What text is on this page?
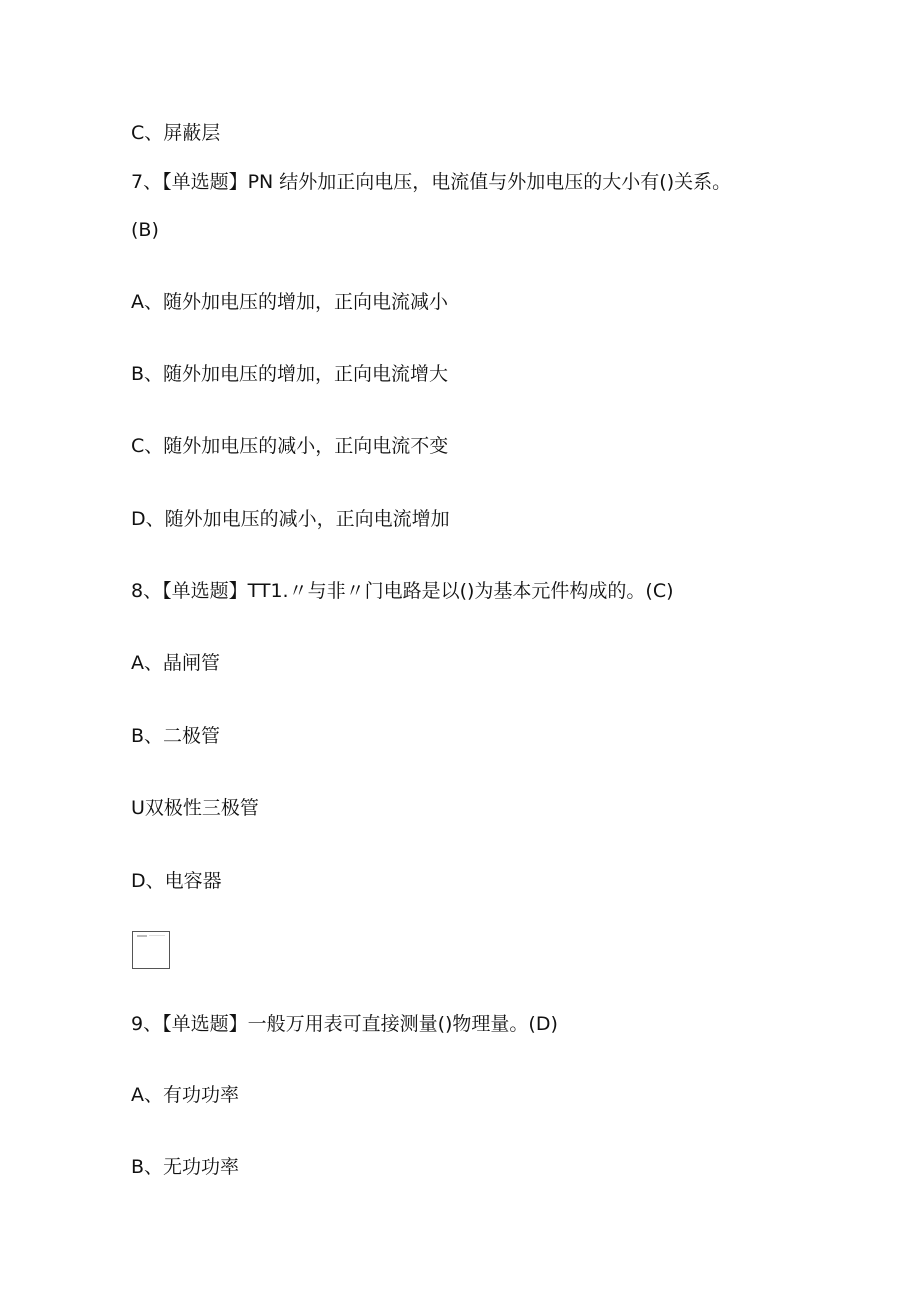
C、屏蔽层
7、【单选题】PN 结外加正向电压，电流值与外加电压的大小有()关系。
(B)
A、随外加电压的增加，正向电流减小
B、随外加电压的增加，正向电流增大
C、随外加电压的减小，正向电流不变
D、随外加电压的减小，正向电流增加
8、【单选题】TT1.〃与非〃门电路是以()为基本元件构成的。(C)
A、晶闸管
B、二极管
U双极性三极管
D、电容器
9、【单选题】一般万用表可直接测量()物理量。(D)
A、有功功率
B、无功功率
